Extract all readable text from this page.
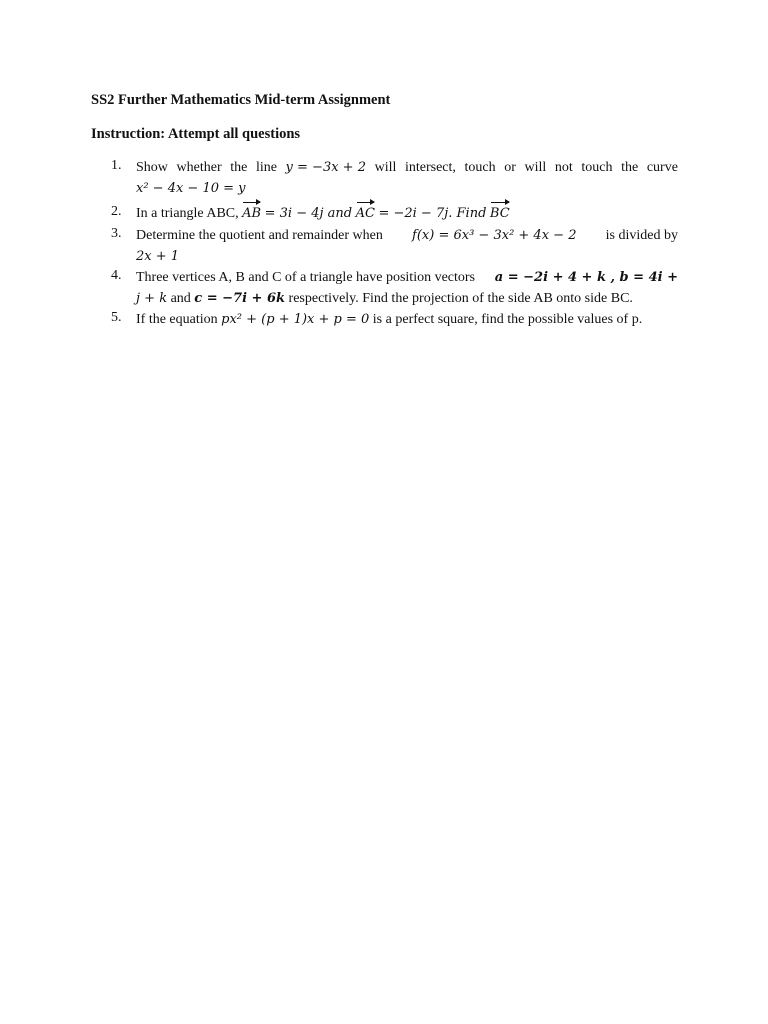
SS2 Further Mathematics Mid-term Assignment
Instruction: Attempt all questions
1. Show whether the line y = −3x + 2 will intersect, touch or will not touch the curve
x² − 4x − 10 = y
2. In a triangle ABC, AB = 3i − 4j and AC = −2i − 7j. Find BC
3. Determine the quotient and remainder when f(x) = 6x³ − 3x² + 4x − 2 is divided by
2x + 1
4. Three vertices A, B and C of a triangle have position vectors a = −2i + 4 + k , b = 4i +
j + k and c = −7i + 6k respectively. Find the projection of the side AB onto side BC.
5. If the equation px² + (p + 1)x + p = 0 is a perfect square, find the possible values of p.
